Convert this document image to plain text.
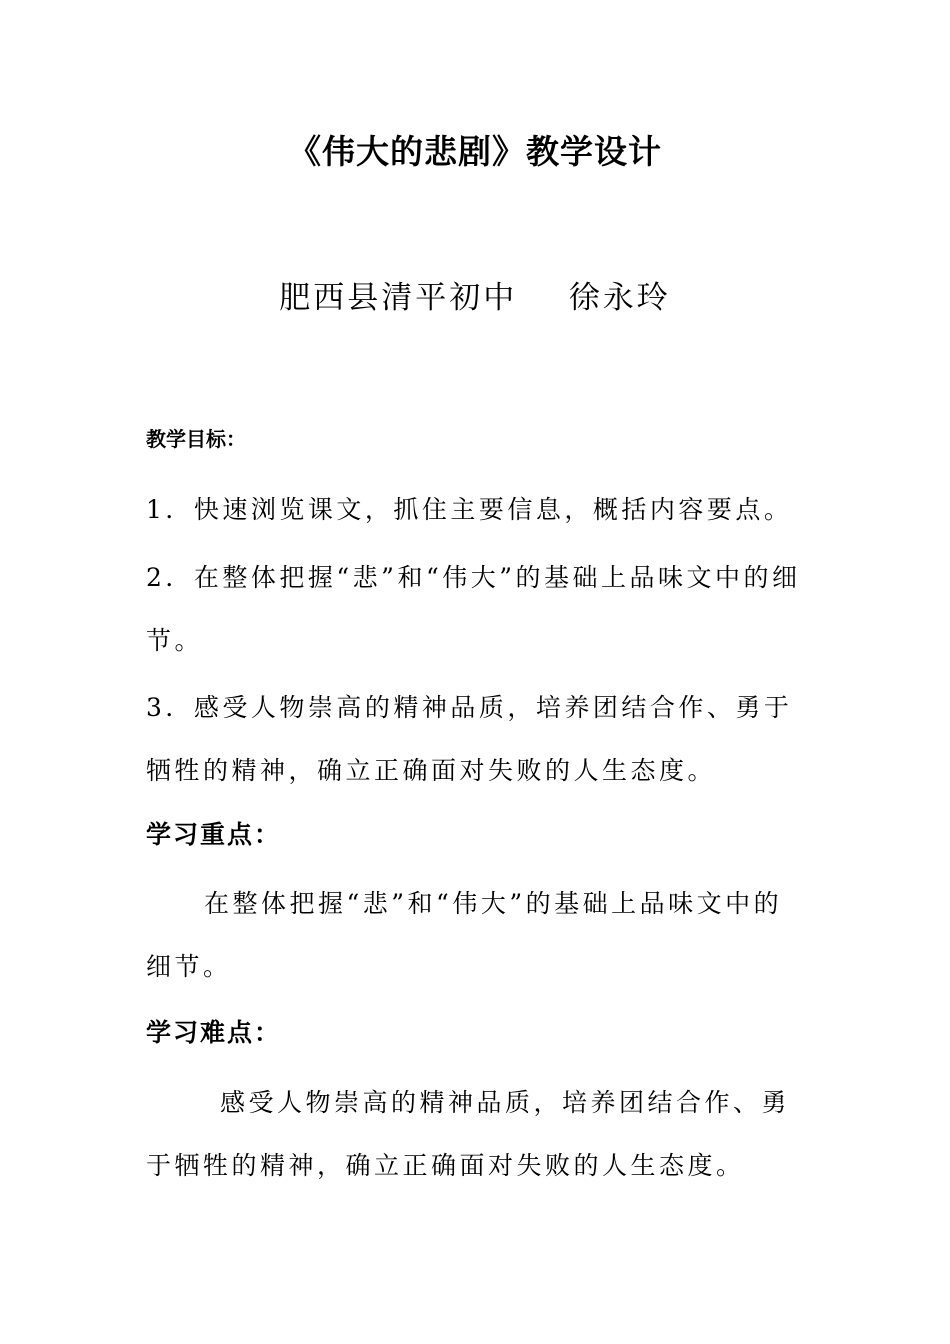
《伟大的悲剧》教学设计
肥西县清平初中    徐永玲
教学目标：
1．快速浏览课文，抓住主要信息，概括内容要点。
2．在整体把握“悲”和“伟大”的基础上品味文中的细节。
3．感受人物崇高的精神品质，培养团结合作、勇于牺牲的精神，确立正确面对失败的人生态度。
学习重点：
在整体把握“悲”和“伟大”的基础上品味文中的细节。
学习难点：
感受人物崇高的精神品质，培养团结合作、勇于牺牲的精神，确立正确面对失败的人生态度。
